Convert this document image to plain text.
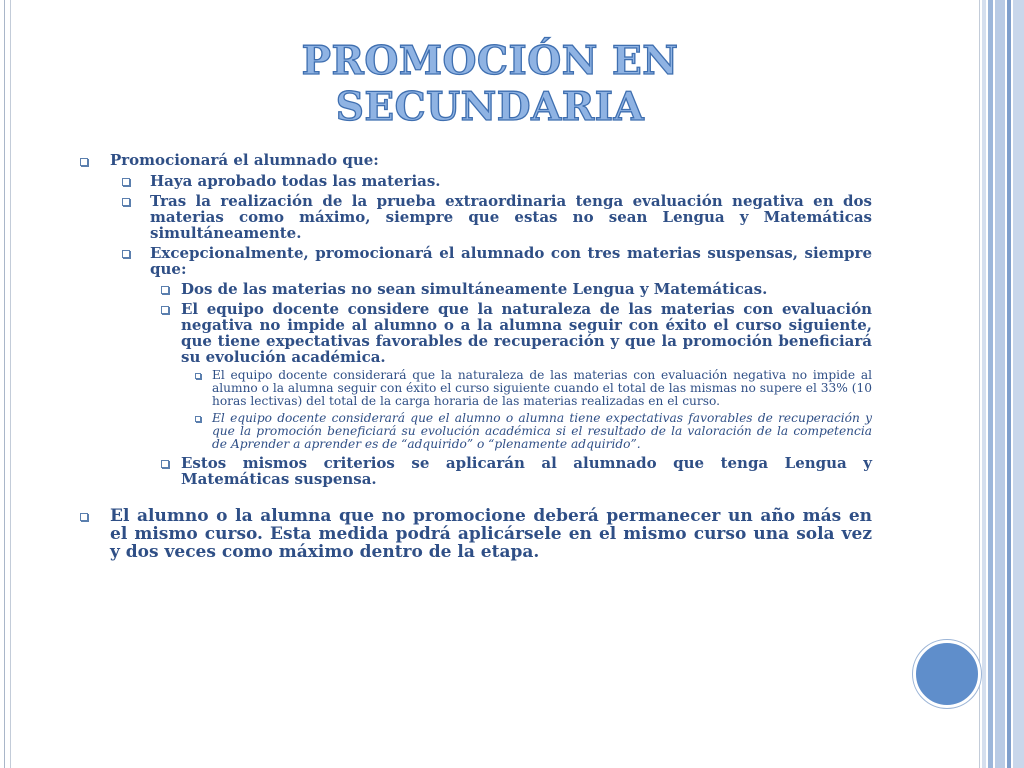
PROMOCIÓN EN
SECUNDARIA
Promocionará el alumnado que:
Haya aprobado todas las materias.
Tras la realización de la prueba extraordinaria tenga evaluación negativa en dos materias como máximo, siempre que estas no sean Lengua y Matemáticas simultáneamente.
Excepcionalmente, promocionará el alumnado con tres materias suspensas, siempre que:
Dos de las materias no sean simultáneamente Lengua y Matemáticas.
El equipo docente considere que la naturaleza de las materias con evaluación negativa no impide al alumno o a la alumna seguir con éxito el curso siguiente, que tiene expectativas favorables de recuperación y que la promoción beneficiará su evolución académica.
El equipo docente considerará que la naturaleza de las materias con evaluación negativa no impide al alumno o la alumna seguir con éxito el curso siguiente cuando el total de las mismas no supere el 33% (10 horas lectivas) del total de la carga horaria de las materias realizadas en el curso.
El equipo docente considerará que el alumno o alumna tiene expectativas favorables de recuperación y que la promoción beneficiará su evolución académica si el resultado de la valoración de la competencia de Aprender a aprender es de “adquirido” o “plenamente adquirido”.
Estos mismos criterios se aplicarán al alumnado que tenga Lengua y Matemáticas suspensa.
El alumno o la alumna que no promocione deberá permanecer un año más en el mismo curso. Esta medida podrá aplicársele en el mismo curso una sola vez y dos veces como máximo dentro de la etapa.
